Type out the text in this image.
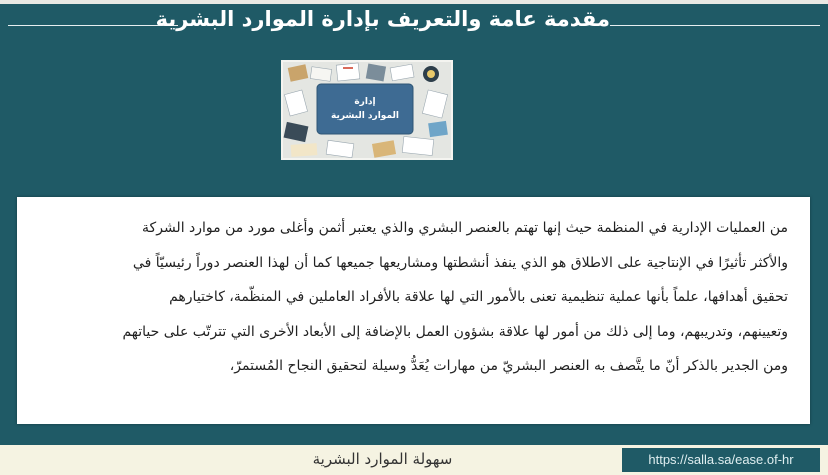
مقدمة عامة والتعريف بإدارة الموارد البشرية
إدارة
الموارد البشرية

من العمليات الإدارية في المنظمة حيث إنها تهتم بالعنصر البشري والذي يعتبر أثمن وأغلى مورد من موارد الشركة
والأكثر تأثيرًا في الإنتاجية على الاطلاق هو الذي ينفذ أنشطتها ومشاريعها جميعها كما أن لهذا العنصر دوراً رئيسيّاً في
تحقيق أهدافها، علماً بأنها عملية تنظيمية تعنى بالأمور التي لها علاقة بالأفراد العاملين في المنظّمة، كاختيارهم
وتعيينهم، وتدريبهم، وما إلى ذلك من أمور لها علاقة بشؤون العمل بالإضافة إلى الأبعاد الأخرى التي تترتّب على حياتهم
ومن الجدير بالذكر أنّ ما يتَّصف به العنصر البشريّ من مهارات يُعَدُّ وسيلة لتحقيق النجاح المُستمرّ،

سهولة الموارد البشرية	https://salla.sa/ease.of-hr
